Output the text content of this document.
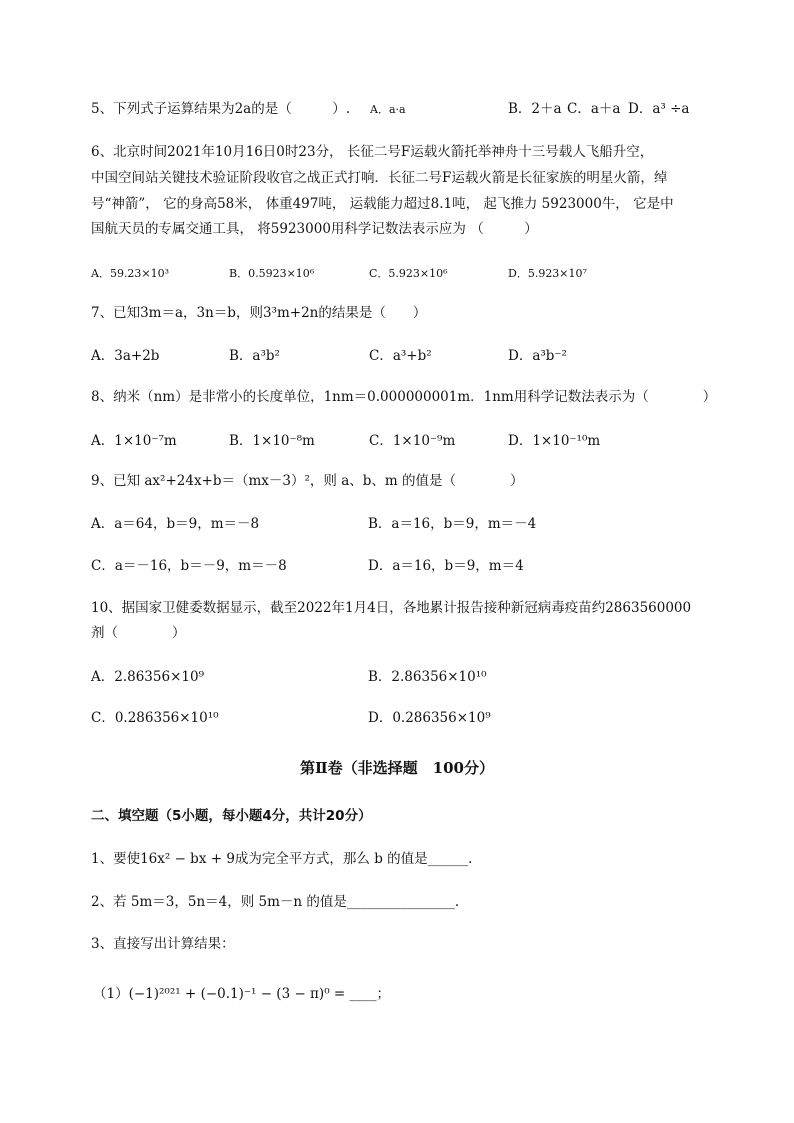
5、下列式子运算结果为2a的是（　　　）. A．a·a	B．2＋a C．a＋a D．a³ ÷a
6、北京时间2021年10月16日0时23分， 长征二号F运载火箭托举神舟十三号载人飞船升空，
中国空间站关键技术验证阶段收官之战正式打响．长征二号F运载火箭是长征家族的明星火箭，绰
号“神箭”， 它的身高58米， 体重497吨， 运载能力超过8.1吨， 起飞推力 5923000牛， 它是中
国航天员的专属交通工具， 将5923000用科学记数法表示应为 （　　　）
A．59.23×10³	B．0.5923×10⁶	C．5.923×10⁶	D．5.923×10⁷
7、已知3m＝a，3n＝b，则3³m+2n的结果是（　　）
A．3a+2b	B．a³b²	C．a³+b²	D．a³b⁻²
8、纳米（nm）是非常小的长度单位，1nm＝0.000000001m．1nm用科学记数法表示为（　　　　）
A．1×10⁻⁷m	B．1×10⁻⁸m	C．1×10⁻⁹m	D．1×10⁻¹⁰m
9、已知 ax²+24x+b＝（mx－3）²，则 a、b、m 的值是（　　　　）
A．a＝64，b＝9，m＝－8	B．a＝16，b＝9，m＝－4
C．a＝－16，b＝－9，m＝－8	D．a＝16，b＝9，m＝4
10、据国家卫健委数据显示，截至2022年1月4日，各地累计报告接种新冠病毒疫苗约2863560000
剂（　　　　）
A．2.86356×10⁹	B．2.86356×10¹⁰
C．0.286356×10¹⁰	D．0.286356×10⁹
第Ⅱ卷（非选择题　100分）
二、填空题（5小题，每小题4分，共计20分）
1、要使16x² − bx + 9成为完全平方式，那么 b 的值是______.
2、若 5m＝3，5n＝4，则 5m－n 的值是________________.
3、直接写出计算结果：
（1）(−1)²⁰²¹ + (−0.1)⁻¹ − (3 − π)⁰ = ____；
